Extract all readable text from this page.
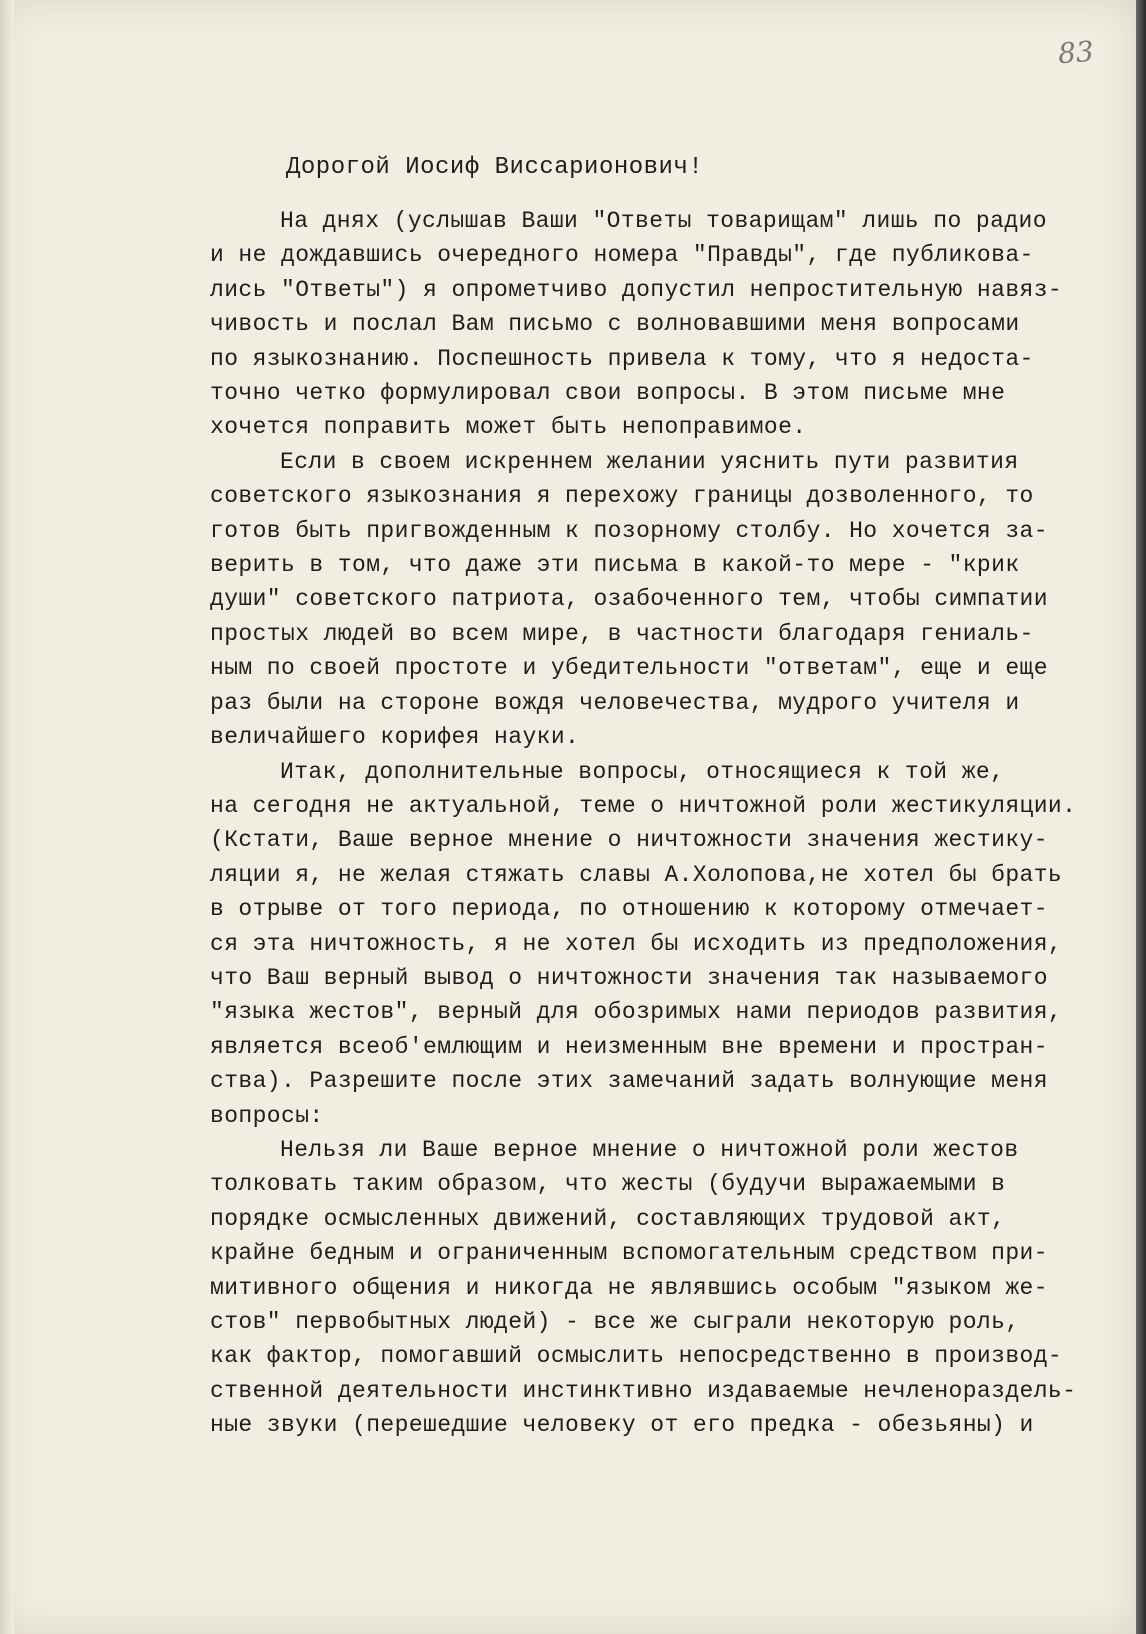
83
Дорогой Иосиф Виссарионович!
На днях (услышав Ваши "Ответы товарищам" лишь по радио
и не дождавшись очередного номера "Правды", где публикова-
лись "Ответы") я опрометчиво допустил непростительную навяз-
чивость и послал Вам письмо с волновавшими меня вопросами
по языкознанию. Поспешность привела к тому, что я недоста-
точно четко формулировал свои вопросы. В этом письме мне
хочется поправить может быть непоправимое.
Если в своем искреннем желании уяснить пути развития
советского языкознания я перехожу границы дозволенного, то
готов быть пригвожденным к позорному столбу. Но хочется за-
верить в том, что даже эти письма в какой-то мере - "крик
души" советского патриота, озабоченного тем, чтобы симпатии
простых людей во всем мире, в частности благодаря гениаль-
ным по своей простоте и убедительности "ответам", еще и еще
раз были на стороне вождя человечества, мудрого учителя и
величайшего корифея науки.
Итак, дополнительные вопросы, относящиеся к той же,
на сегодня не актуальной, теме о ничтожной роли жестикуляции.
(Кстати, Ваше верное мнение о ничтожности значения жестику-
ляции я, не желая стяжать славы А.Холопова,не хотел бы брать
в отрыве от того периода, по отношению к которому отмечает-
ся эта ничтожность, я не хотел бы исходить из предположения,
что Ваш верный вывод о ничтожности значения так называемого
"языка жестов", верный для обозримых нами периодов развития,
является всеоб'емлющим и неизменным вне времени и простран-
ства). Разрешите после этих замечаний задать волнующие меня
вопросы:
Нельзя ли Ваше верное мнение о ничтожной роли жестов
толковать таким образом, что жесты (будучи выражаемыми в
порядке осмысленных движений, составляющих трудовой акт,
крайне бедным и ограниченным вспомогательным средством при-
митивного общения и никогда не являвшись особым "языком же-
стов" первобытных людей) - все же сыграли некоторую роль,
как фактор, помогавший осмыслить непосредственно в производ-
ственной деятельности инстинктивно издаваемые нечленораздель-
ные звуки (перешедшие человеку от его предка - обезьяны) и
